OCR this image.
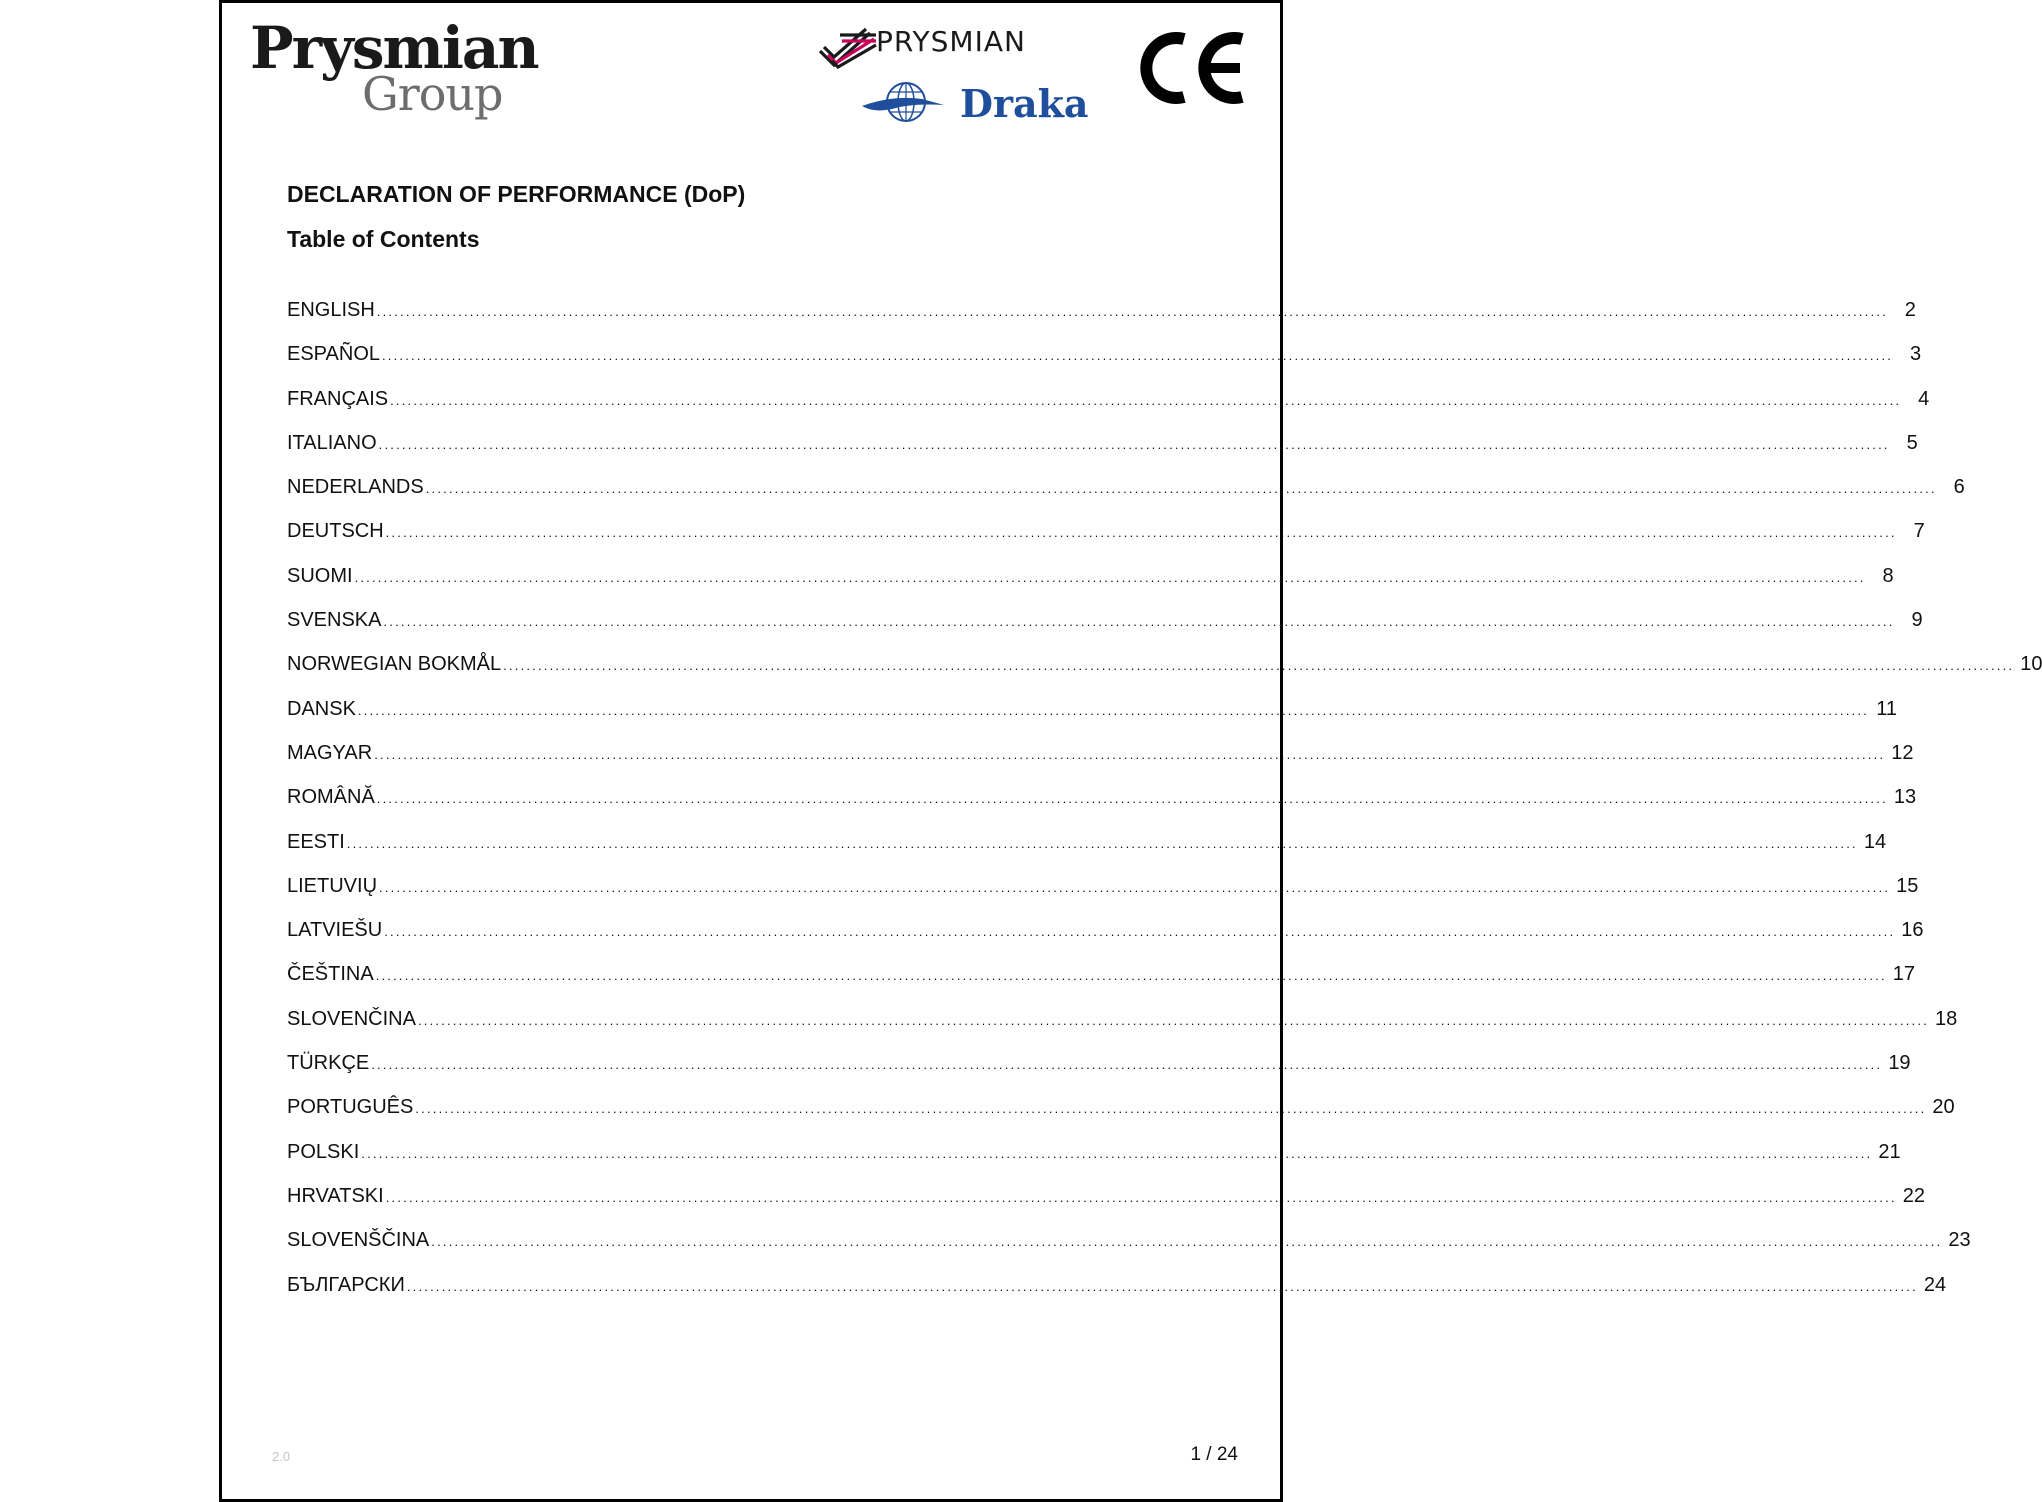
Prysmian
Group
PRYSMIAN
Draka
DECLARATION OF PERFORMANCE (DoP)
Table of Contents
ENGLISH .................................................................................................................................................................................................................................................................... 2
ESPAÑOL .................................................................................................................................................................................................................................................................... 3
FRANÇAIS .................................................................................................................................................................................................................................................................... 4
ITALIANO .................................................................................................................................................................................................................................................................... 5
NEDERLANDS .................................................................................................................................................................................................................................................................... 6
DEUTSCH .................................................................................................................................................................................................................................................................... 7
SUOMI .................................................................................................................................................................................................................................................................... 8
SVENSKA .................................................................................................................................................................................................................................................................... 9
NORWEGIAN BOKMÅL .................................................................................................................................................................................................................................................................... 10
DANSK .................................................................................................................................................................................................................................................................... 11
MAGYAR .................................................................................................................................................................................................................................................................... 12
ROMÂNĂ .................................................................................................................................................................................................................................................................... 13
EESTI .................................................................................................................................................................................................................................................................... 14
LIETUVIŲ .................................................................................................................................................................................................................................................................... 15
LATVIEŠU .................................................................................................................................................................................................................................................................... 16
ČEŠTINA .................................................................................................................................................................................................................................................................... 17
SLOVENČINA .................................................................................................................................................................................................................................................................... 18
TÜRKÇE .................................................................................................................................................................................................................................................................... 19
PORTUGUÊS .................................................................................................................................................................................................................................................................... 20
POLSKI .................................................................................................................................................................................................................................................................... 21
HRVATSKI .................................................................................................................................................................................................................................................................... 22
SLOVENŠČINA .................................................................................................................................................................................................................................................................... 23
БЪЛГАРСКИ .................................................................................................................................................................................................................................................................... 24
2.0	1 / 24
